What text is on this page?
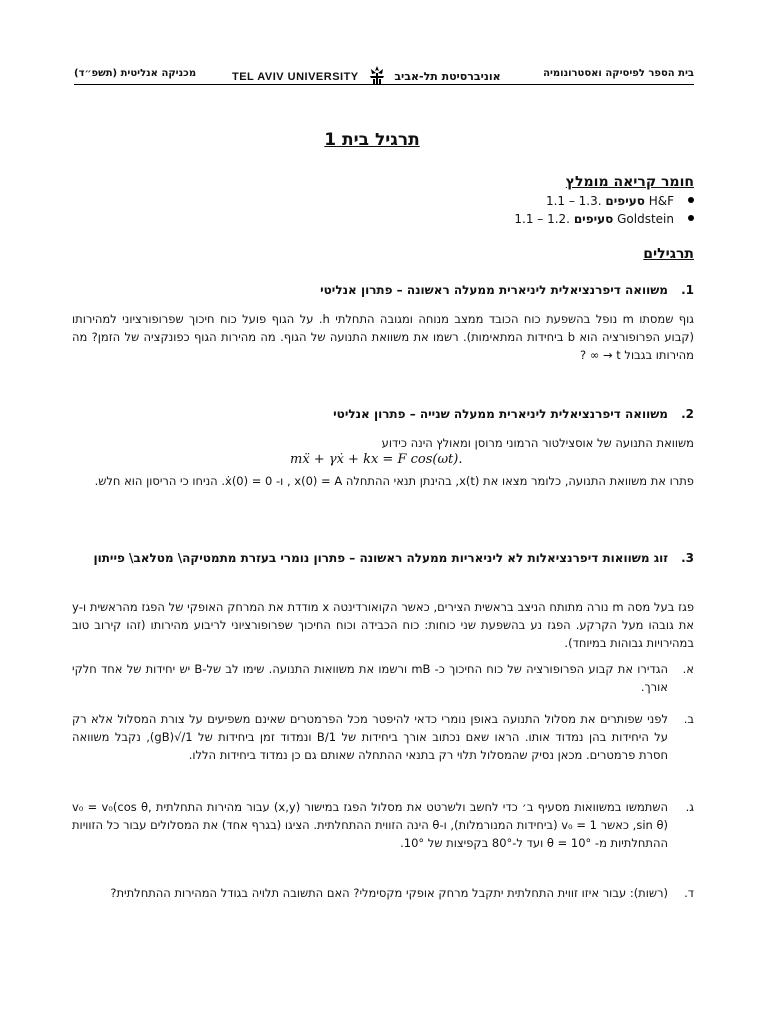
בית הספר לפיסיקה ואסטרונומיה
TEL AVIV UNIVERSITY	אוניברסיטת תל-אביב
מכניקה אנליטית (תשפ״ד)
תרגיל בית 1
חומר קריאה מומלץ
H&F סעיפים 1.1 – 1.3.
Goldstein סעיפים 1.1 – 1.2.
תרגילים
1.משוואה דיפרנציאלית ליניארית ממעלה ראשונה – פתרון אנליטי
גוף שמסתו m נופל בהשפעת כוח הכובד ממצב מנוחה ומגובה התחלתי h. על הגוף פועל כוח חיכוך שפרופורציוני למהירותו (קבוע הפרופורציה הוא b ביחידות המתאימות). רשמו את משוואת התנועה של הגוף. מה מהירות הגוף כפונקציה של הזמן? מה מהירותו בגבול t → ∞ ?
2.משוואה דיפרנציאלית ליניארית ממעלה שנייה – פתרון אנליטי
משוואת התנועה של אוסצילטור הרמוני מרוסן ומאולץ הינה כידוע
mẍ + γẋ + kx = F cos(ωt).
פתרו את משוואת התנועה, כלומר מצאו את x(t), בהינתן תנאי ההתחלה x(0) = A , ו- ẋ(0) = 0. הניחו כי הריסון הוא חלש.
3.זוג משוואות דיפרנציאלות לא ליניאריות ממעלה ראשונה – פתרון נומרי בעזרת מתמטיקה\ מטלאב\ פייתון
פגז בעל מסה m נורה מתותח הניצב בראשית הצירים, כאשר הקואורדינטה x מודדת את המרחק האופקי של הפגז מהראשית ו-y את גובהו מעל הקרקע. הפגז נע בהשפעת שני כוחות: כוח הכבידה וכוח החיכוך שפרופורציוני לריבוע מהירותו (זהו קירוב טוב במהירויות גבוהות במיוחד).
א.
הגדירו את קבוע הפרופורציה של כוח החיכוך כ- mB ורשמו את משוואות התנועה. שימו לב של-B יש יחידות של אחד חלקי אורך.
ב.
לפני שפותרים את מסלול התנועה באופן נומרי כדאי להיפטר מכל הפרמטרים שאינם משפיעים על צורת המסלול אלא רק על היחידות בהן נמדוד אותו. הראו שאם נכתוב אורך ביחידות של 1/B ונמדוד זמן ביחידות של 1/√(gB), נקבל משוואה חסרת פרמטרים. מכאן נסיק שהמסלול תלוי רק בתנאי ההתחלה שאותם גם כן נמדוד ביחידות הללו.
ג.
השתמשו במשוואות מסעיף ב׳ כדי לחשב ולשרטט את מסלול הפגז במישור (x,y) עבור מהירות התחלתית v₀ = v₀(cos θ, sin θ), כאשר v₀ = 1 (ביחידות המנורמלות), ו-θ הינה הזווית ההתחלתית. הציגו (בגרף אחד) את המסלולים עבור כל הזוויות ההתחלתיות מ- θ = 10° ועד ל-80° בקפיצות של 10°.
ד.
(רשות): עבור איזו זווית התחלתית יתקבל מרחק אופקי מקסימלי? האם התשובה תלויה בגודל המהירות ההתחלתית?
